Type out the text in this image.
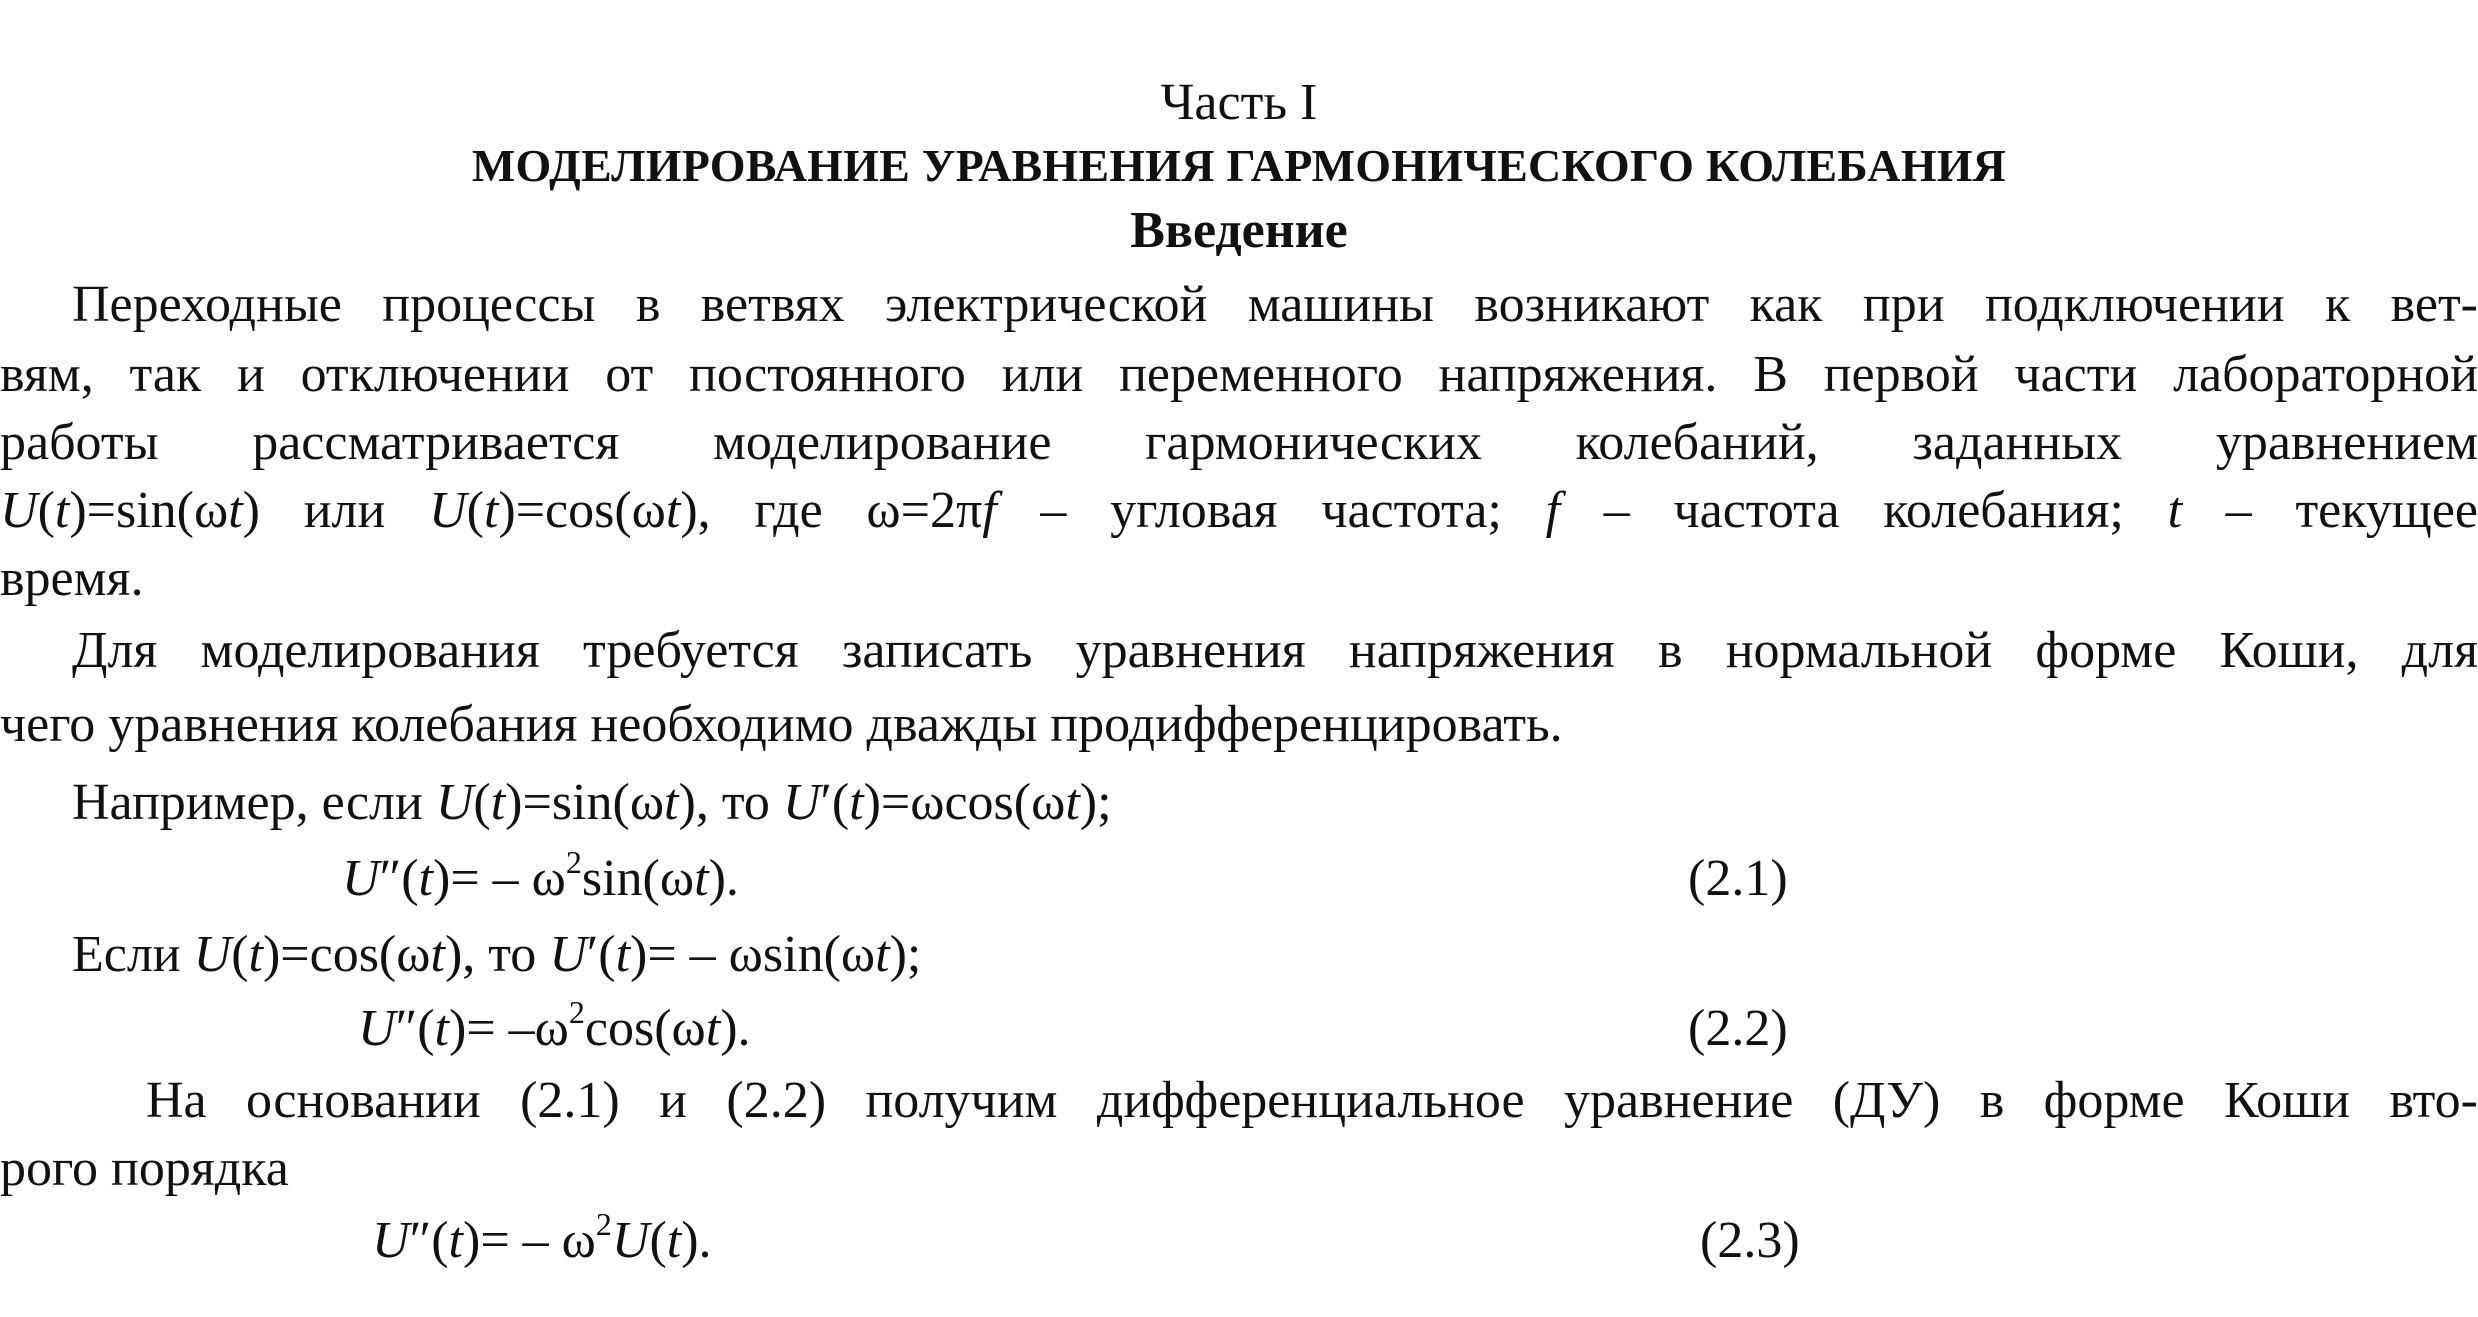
Часть I
МОДЕЛИРОВАНИЕ УРАВНЕНИЯ ГАРМОНИЧЕСКОГО КОЛЕБАНИЯ
Введение
Переходные процессы в ветвях электрической машины возникают как при подключении к вет-
вям, так и отключении от постоянного или переменного напряжения. В первой части лабораторной
работы рассматривается моделирование гармонических колебаний, заданных уравнением
U(t)=sin(ωt) или U(t)=cos(ωt), где ω=2πf – угловая частота; f – частота колебания; t – текущее
время.
Для моделирования требуется записать уравнения напряжения в нормальной форме Коши, для
чего уравнения колебания необходимо дважды продифференцировать.
Например, если U(t)=sin(ωt), то U′(t)=ωcos(ωt);
$U''(t)= - \omega^2\sin(\omega t)$.	(2.1)
Если U(t)=cos(ωt), то U′(t)= – ωsin(ωt);
$U''(t)= -\omega^2\cos(\omega t)$.	(2.2)
На основании (2.1) и (2.2) получим дифференциальное уравнение (ДУ) в форме Коши вто-
рого порядка
$U''(t)= - \omega^2U(t)$.	(2.3)
